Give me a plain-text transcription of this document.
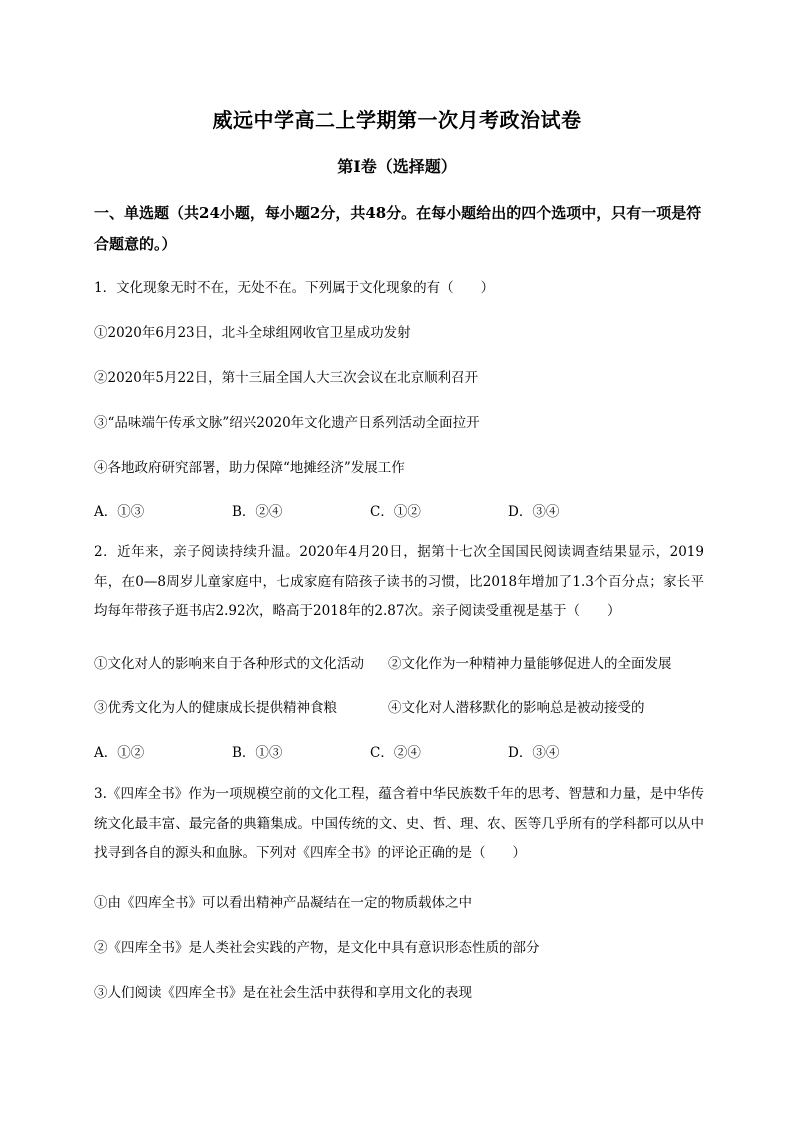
威远中学高二上学期第一次月考政治试卷
第Ⅰ卷（选择题）
一、单选题（共24小题，每小题2分，共48分。在每小题给出的四个选项中，只有一项是符合题意的。）
1．文化现象无时不在，无处不在。下列属于文化现象的有（　　）
①2020年6月23日，北斗全球组网收官卫星成功发射
②2020年5月22日，第十三届全国人大三次会议在北京顺利召开
③“品味端午传承文脉”绍兴2020年文化遗产日系列活动全面拉开
④各地政府研究部署，助力保障“地摊经济”发展工作
A．①③	B．②④	C．①②	D．③④
2．近年来，亲子阅读持续升温。2020年4月20日，据第十七次全国国民阅读调查结果显示，2019年，在0—8周岁儿童家庭中，七成家庭有陪孩子读书的习惯，比2018年增加了1.3个百分点；家长平均每年带孩子逛书店2.92次，略高于2018年的2.87次。亲子阅读受重视是基于（　　）
①文化对人的影响来自于各种形式的文化活动 ②文化作为一种精神力量能够促进人的全面发展
③优秀文化为人的健康成长提供精神食粮	④文化对人潜移默化的影响总是被动接受的
A．①②	B．①③	C．②④	D．③④
3.《四库全书》作为一项规模空前的文化工程，蕴含着中华民族数千年的思考、智慧和力量，是中华传统文化最丰富、最完备的典籍集成。中国传统的文、史、哲、理、农、医等几乎所有的学科都可以从中找寻到各自的源头和血脉。下列对《四库全书》的评论正确的是（　　）
①由《四库全书》可以看出精神产品凝结在一定的物质载体之中
②《四库全书》是人类社会实践的产物，是文化中具有意识形态性质的部分
③人们阅读《四库全书》是在社会生活中获得和享用文化的表现
